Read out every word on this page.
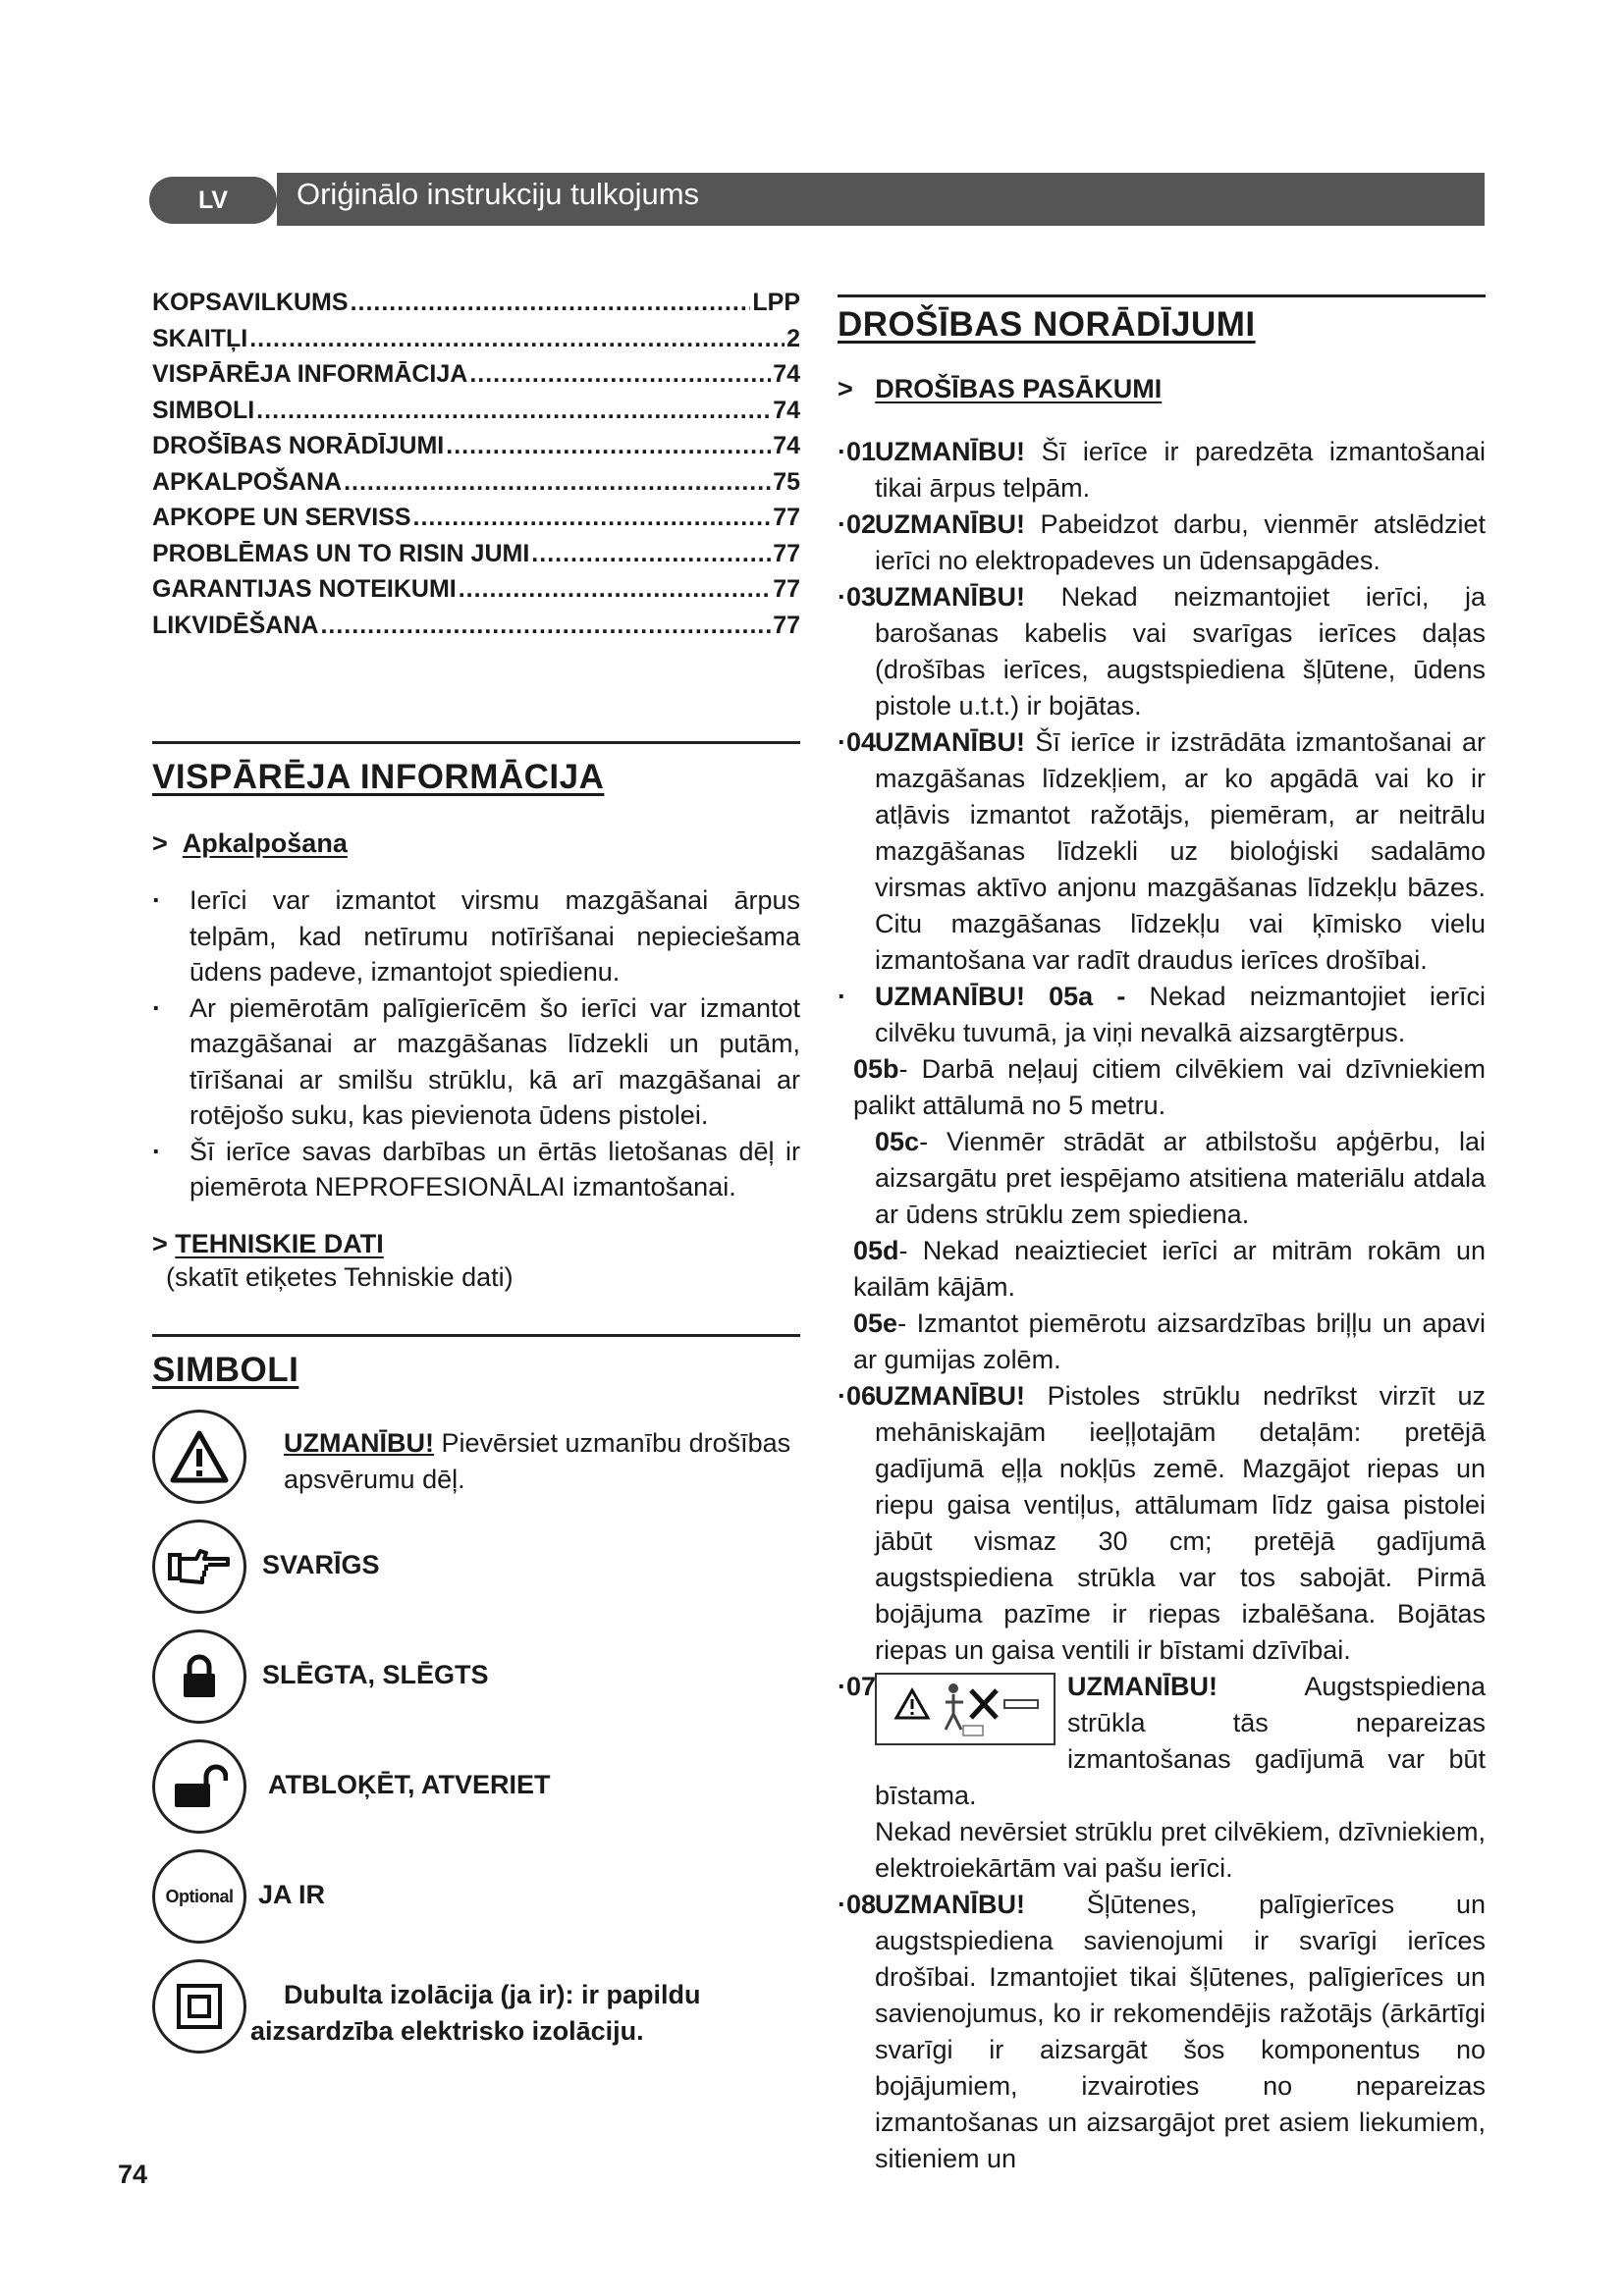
LV	Oriģinālo instrukciju tulkojums
KOPSAVILKUMS .....	LPP
SKAITĻI .....	2
VISPĀRĒJA INFORMĀCIJA .....	74
SIMBOLI .....	74
DROŠĪBAS NORĀDĪJUMI .....	74
APKALPOŠANA .....	75
APKOPE UN SERVISS .....	77
PROBLĒMAS UN TO RISIN JUMI .....	77
GARANTIJAS NOTEIKUMI .....	77
LIKVIDĒŠANA .....	77
VISPĀRĒJA INFORMĀCIJA
>  Apkalpošana
· Ierīci var izmantot virsmu mazgāšanai ārpus telpām, kad netīrumu notīrīšanai nepieciešama ūdens padeve, izmantojot spiedienu.
· Ar piemērotām palīgierīcēm šo ierīci var izmantot mazgāšanai ar mazgāšanas līdzekli un putām, tīrīšanai ar smilšu strūklu, kā arī mazgāšanai ar rotējošo suku, kas pievienota ūdens pistolei.
· Šī ierīce savas darbības un ērtās lietošanas dēļ ir piemērota NEPROFESIONĀLAI izmantošanai.
> TEHNISKIE DATI

(skatīt etiķetes Tehniskie dati)

SIMBOLI
UZMANĪBU! Pievērsiet uzmanību drošības apsvērumu dēļ.
SVARĪGS
SLĒGTA, SLĒGTS
ATBLOĶĒT, ATVERIET
Optional JA IR
Dubulta izolācija (ja ir): ir papildu aizsardzība elektrisko izolāciju.
DROŠĪBAS NORĀDĪJUMI
>   DROŠĪBAS PASĀKUMI
·01
UZMANĪBU! Šī ierīce ir paredzēta izmantošanai tikai ārpus telpām.
·02
UZMANĪBU! Pabeidzot darbu, vienmēr atslēdziet ierīci no elektropadeves un ūdensapgādes.
·03
UZMANĪBU! Nekad neizmantojiet ierīci, ja barošanas kabelis vai svarīgas ierīces daļas (drošības ierīces, augstspiediena šļūtene, ūdens pistole u.t.t.) ir bojātas.
·04
UZMANĪBU! Šī ierīce ir izstrādāta izmantošanai ar mazgāšanas līdzekļiem, ar ko apgādā vai ko ir atļāvis izmantot ražotājs, piemēram, ar neitrālu mazgāšanas līdzekli uz bioloģiski sadalāmo virsmas aktīvo anjonu mazgāšanas līdzekļu bāzes. Citu mazgāšanas līdzekļu vai ķīmisko vielu izmantošana var radīt draudus ierīces drošībai.
· UZMANĪBU! 05a - Nekad neizmantojiet ierīci cilvēku tuvumā, ja viņi nevalkā aizsargtērpus.
05b- Darbā neļauj citiem cilvēkiem vai dzīvniekiem palikt attālumā no 5 metru.
05c- Vienmēr strādāt ar atbilstošu apģērbu, lai aizsargātu pret iespējamo atsitiena materiālu atdala ar ūdens strūklu zem spiediena.
05d- Nekad neaiztieciet ierīci ar mitrām rokām un kailām kājām.
05e- Izmantot piemērotu aizsardzības briļļu un apavi ar gumijas zolēm.
·06
UZMANĪBU! Pistoles strūklu nedrīkst virzīt uz mehāniskajām ieeļļotajām detaļām: pretējā gadījumā eļļa nokļūs zemē. Mazgājot riepas un riepu gaisa ventiļus, attālumam līdz gaisa pistolei jābūt vismaz 30 cm; pretējā gadījumā augstspiediena strūkla var tos sabojāt. Pirmā bojājuma pazīme ir riepas izbalēšana. Bojātas riepas un gaisa ventili ir bīstami dzīvībai.
·07	UZMANĪBU! Augstspiediena strūkla tās nepareizas izmantošanas gadījumā var būt bīstama.
Nekad nevērsiet strūklu pret cilvēkiem, dzīvniekiem, elektroiekārtām vai pašu ierīci.
·08
UZMANĪBU! Šļūtenes, palīgierīces un augstspiediena savienojumi ir svarīgi ierīces drošībai. Izmantojiet tikai šļūtenes, palīgierīces un savienojumus, ko ir rekomendējis ražotājs (ārkārtīgi svarīgi ir aizsargāt šos komponentus no bojājumiem, izvairoties no nepareizas izmantošanas un aizsargājot pret asiem liekumiem, sitieniem un
74
